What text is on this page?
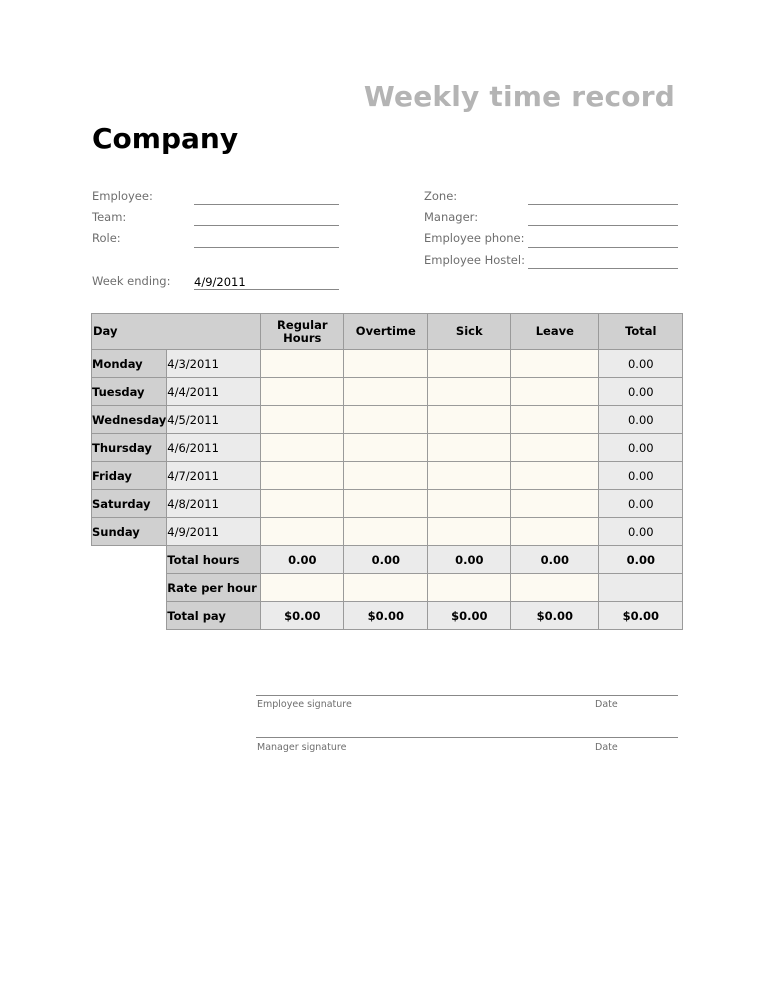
Weekly time record
Company
Employee:
Team:
Role:
Week ending: 4/9/2011
Zone:
Manager:
Employee phone:
Employee Hostel:
Day		Regular Hours	Overtime	Sick	Leave	Total
Monday	4/3/2011					0.00
Tuesday	4/4/2011					0.00
Wednesday	4/5/2011					0.00
Thursday	4/6/2011					0.00
Friday	4/7/2011					0.00
Saturday	4/8/2011					0.00
Sunday	4/9/2011					0.00
	Total hours	0.00	0.00	0.00	0.00	0.00
	Rate per hour					
	Total pay	$0.00	$0.00	$0.00	$0.00	$0.00
Employee signature	Date
Manager signature	Date
